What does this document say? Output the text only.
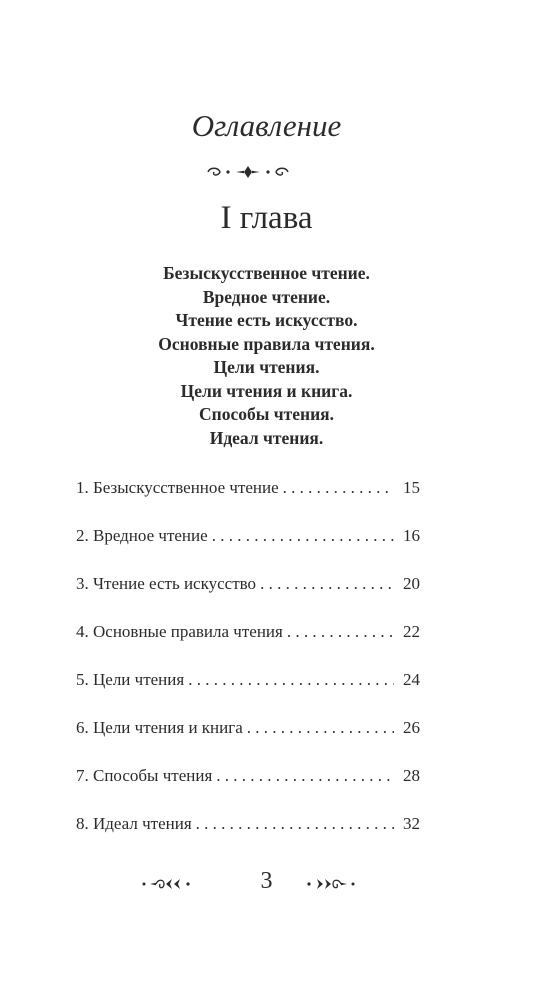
Оглавление
I глава
Безыскусственное чтение.
Вредное чтение.
Чтение есть искусство.
Основные правила чтения.
Цели чтения.
Цели чтения и книга.
Способы чтения.
Идеал чтения.
1. Безыскусственное чтение . . .	15
2. Вредное чтение . . .	16
3. Чтение есть искусство . . .	20
4. Основные правила чтения . . .	22
5. Цели чтения . . .	24
6. Цели чтения и книга . . .	26
7. Способы чтения . . .	28
8. Идеал чтения . . .	32
3
